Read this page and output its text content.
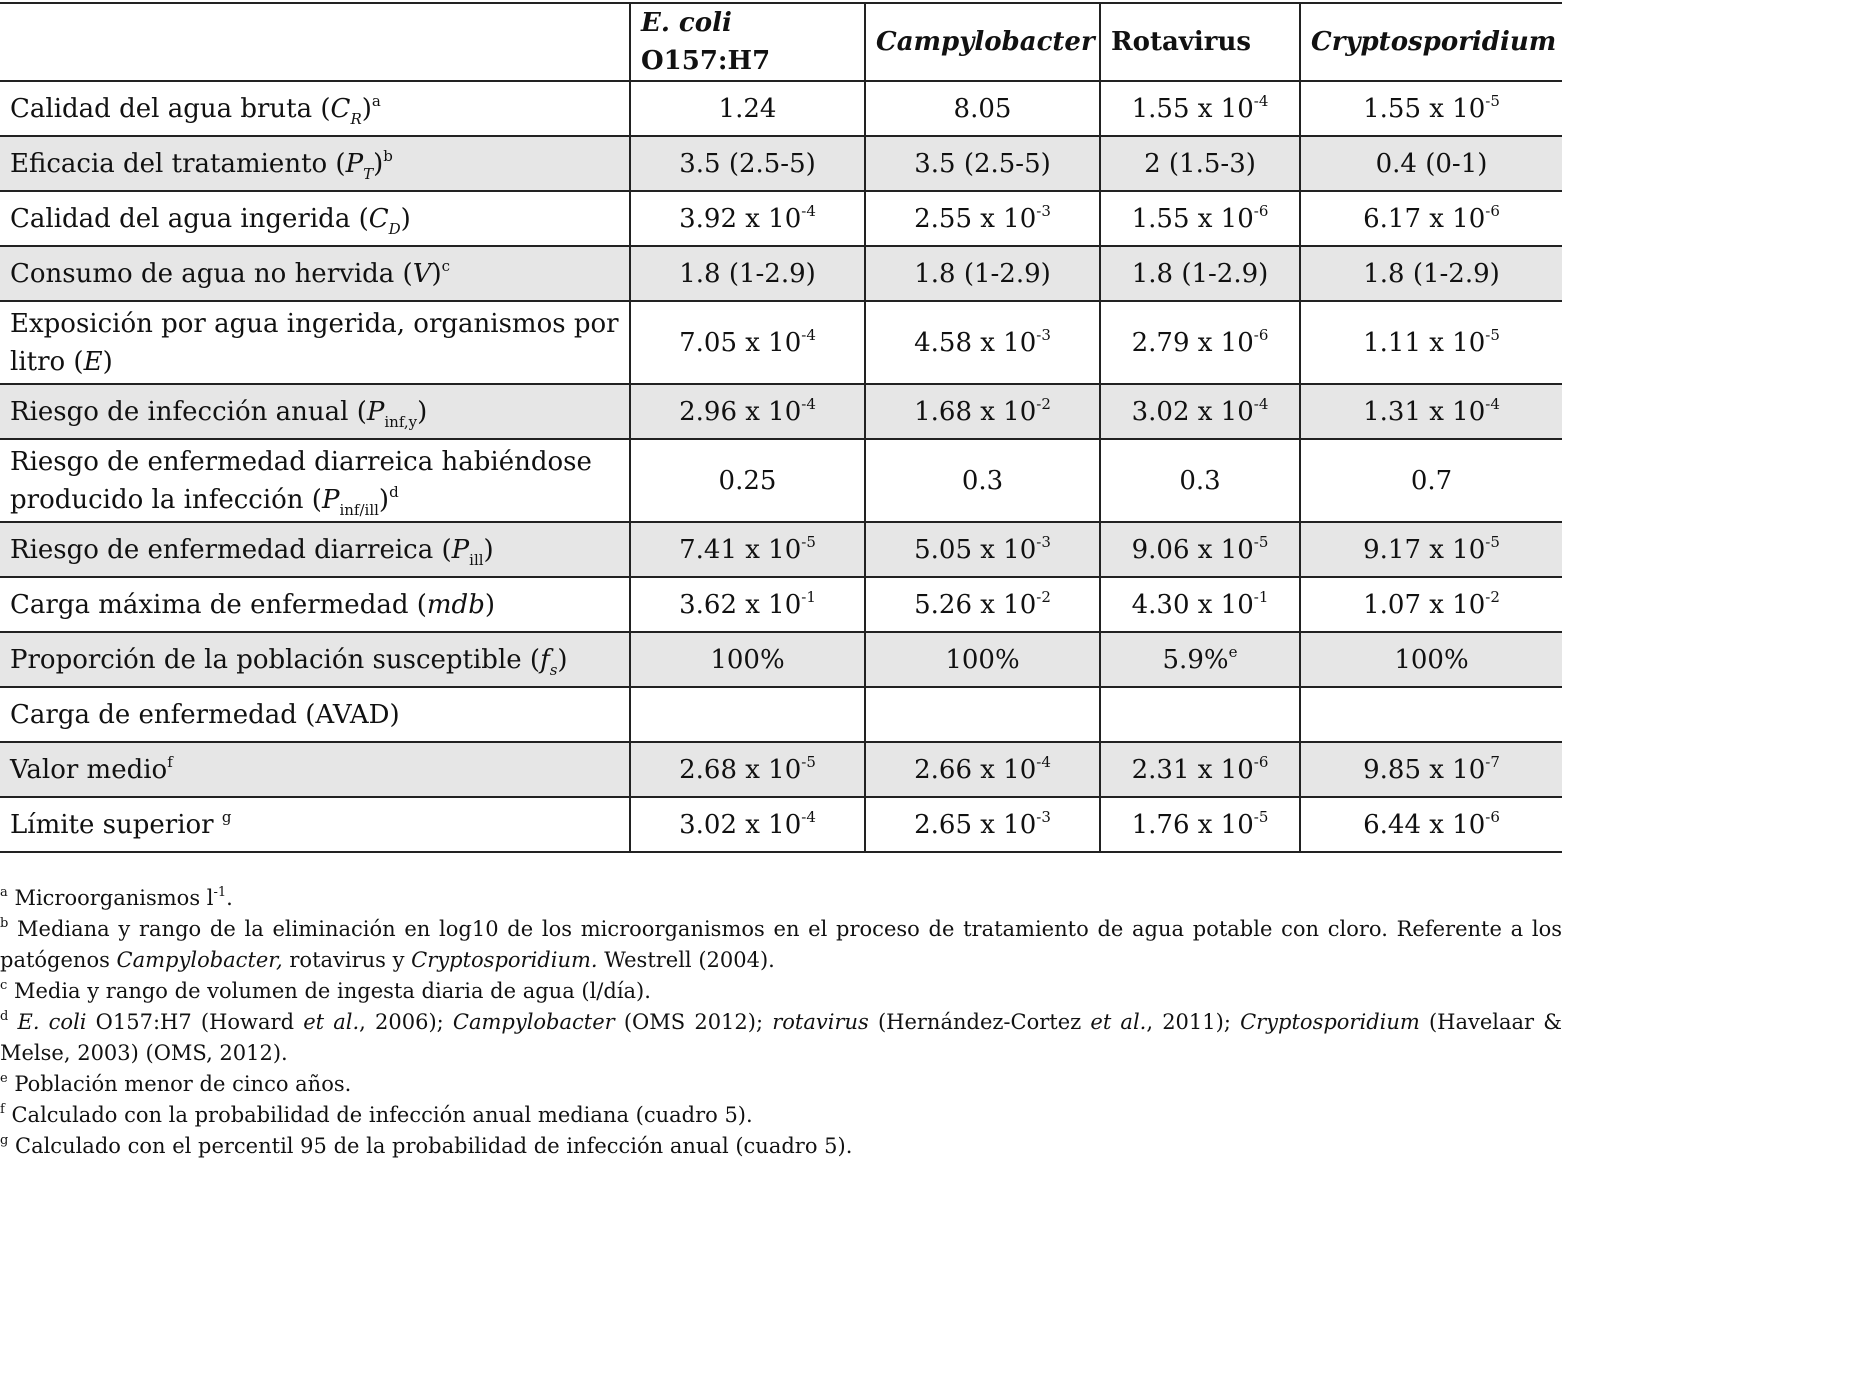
	E. coli O157:H7	Campylobacter	Rotavirus	Cryptosporidium
Calidad del agua bruta $(C_R)^a$	1.24	8.05	1.55 x $10^{-4}$	1.55 x $10^{-5}$
Eficacia del tratamiento $(P_T)^b$	3.5 (2.5-5)	3.5 (2.5-5)	2 (1.5-3)	0.4 (0-1)
Calidad del agua ingerida $(C_D)$	3.92 x $10^{-4}$	2.55 x $10^{-3}$	1.55 x $10^{-6}$	6.17 x $10^{-6}$
Consumo de agua no hervida $(V)^c$	1.8 (1-2.9)	1.8 (1-2.9)	1.8 (1-2.9)	1.8 (1-2.9)
Exposición por agua ingerida, organismos por litro (E)	7.05 x $10^{-4}$	4.58 x $10^{-3}$	2.79 x $10^{-6}$	1.11 x $10^{-5}$
Riesgo de infección anual $(P_{inf,y})$	2.96 x $10^{-4}$	1.68 x $10^{-2}$	3.02 x $10^{-4}$	1.31 x $10^{-4}$
Riesgo de enfermedad diarreica habiéndose producido la infección $(P_{inf/ill})^d$	0.25	0.3	0.3	0.7
Riesgo de enfermedad diarreica $(P_{ill})$	7.41 x $10^{-5}$	5.05 x $10^{-3}$	9.06 x $10^{-5}$	9.17 x $10^{-5}$
Carga máxima de enfermedad (mdb)	3.62 x $10^{-1}$	5.26 x $10^{-2}$	4.30 x $10^{-1}$	1.07 x $10^{-2}$
Proporción de la población susceptible $(f_s)$	100%	100%	5.9%$^e$	100%
Carga de enfermedad (AVAD)				
Valor medio$^f$	2.68 x $10^{-5}$	2.66 x $10^{-4}$	2.31 x $10^{-6}$	9.85 x $10^{-7}$
Límite superior $^g$	3.02 x $10^{-4}$	2.65 x $10^{-3}$	1.76 x $10^{-5}$	6.44 x $10^{-6}$

$^a$ Microorganismos $l^{-1}$.

$^b$ Mediana y rango de la eliminación en log10 de los microorganismos en el proceso de tratamiento de agua potable con cloro. Referente a los patógenos Campylobacter, rotavirus y Cryptosporidium. Westrell (2004).

$^c$ Media y rango de volumen de ingesta diaria de agua (l/día).

$^d$ E. coli O157:H7 (Howard et al., 2006); Campylobacter (OMS 2012); rotavirus (Hernández-Cortez et al., 2011); Cryptosporidium (Havelaar & Melse, 2003) (OMS, 2012).

$^e$ Población menor de cinco años.

$^f$ Calculado con la probabilidad de infección anual mediana (cuadro 5).

$^g$ Calculado con el percentil 95 de la probabilidad de infección anual (cuadro 5).
